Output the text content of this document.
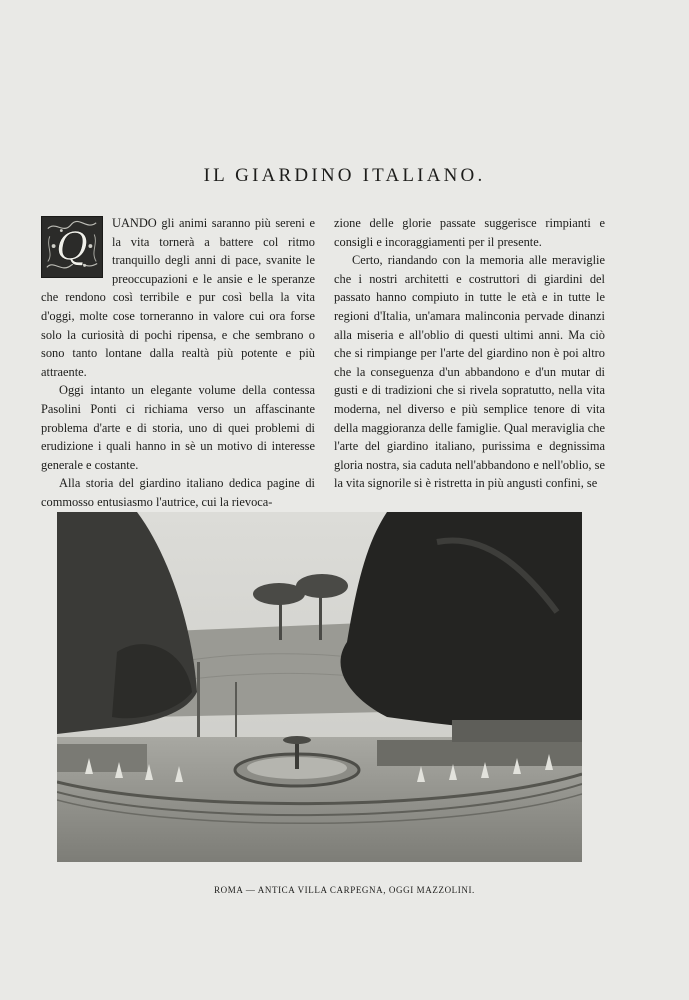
IL GIARDINO ITALIANO.
Q

UANDO gli animi saranno più sereni e la vita tornerà a battere col ritmo tranquillo degli anni di pace, svanite le preoccupazioni e le ansie e le speranze che rendono così terribile e pur così bella la vita d'oggi, molte cose torneranno in valore cui ora forse solo la curiosità di pochi ripensa, e che sembrano o sono tanto lontane dalla realtà più potente e più attraente.

Oggi intanto un elegante volume della contessa Pasolini Ponti ci richiama verso un affascinante problema d'arte e di storia, uno di quei problemi di erudizione i quali hanno in sè un motivo di interesse generale e costante.

Alla storia del giardino italiano dedica pagine di commosso entusiasmo l'autrice, cui la rievoca-

zione delle glorie passate suggerisce rimpianti e consigli e incoraggiamenti per il presente.

Certo, riandando con la memoria alle meraviglie che i nostri architetti e costruttori di giardini del passato hanno compiuto in tutte le età e in tutte le regioni d'Italia, un'amara malinconia pervade dinanzi alla miseria e all'oblio di questi ultimi anni. Ma ciò che si rimpiange per l'arte del giardino non è poi altro che la conseguenza d'un abbandono e d'un mutar di gusti e di tradizioni che si rivela sopratutto, nella vita moderna, nel diverso e più semplice tenore di vita della maggioranza delle famiglie. Qual meraviglia che l'arte del giardino italiano, purissima e degnissima gloria nostra, sia caduta nell'abbandono e nell'oblio, se la vita signorile si è ristretta in più angusti confini, se

ROMA — ANTICA VILLA CARPEGNA, OGGI MAZZOLINI.
